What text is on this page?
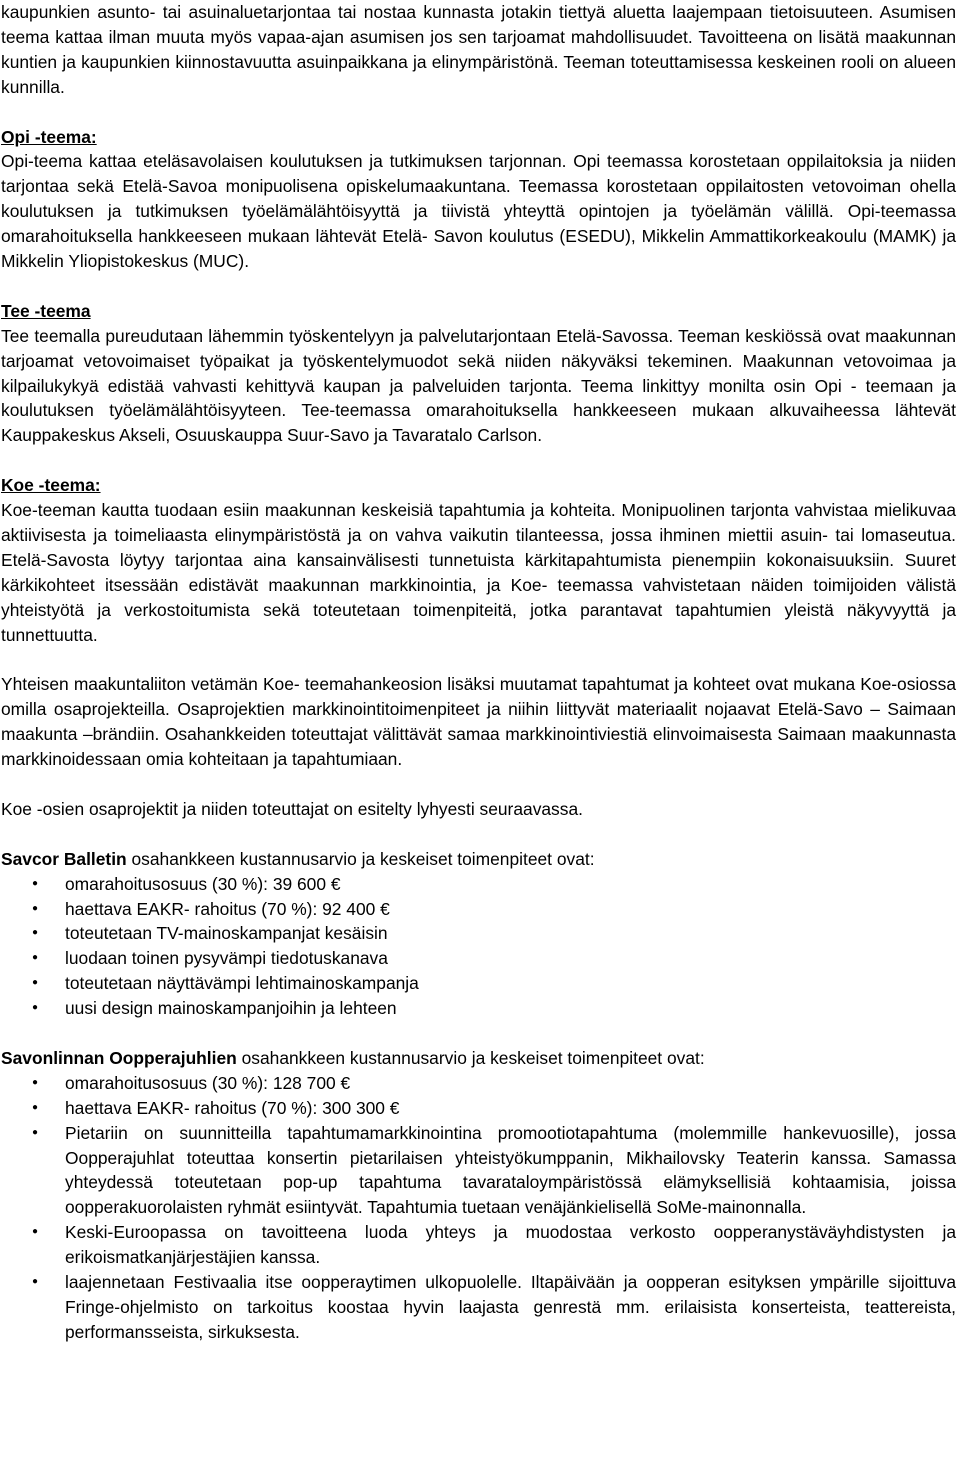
kaupunkien asunto- tai asuinaluetarjontaa tai nostaa kunnasta jotakin tiettyä aluetta laajempaan tietoisuuteen. Asumisen teema kattaa ilman muuta myös vapaa-ajan asumisen jos sen tarjoamat mahdollisuudet. Tavoitteena on lisätä maakunnan kuntien ja kaupunkien kiinnostavuutta asuinpaikkana ja elinympäristönä. Teeman toteuttamisessa keskeinen rooli on alueen kunnilla.

Opi -teema:

Opi-teema kattaa eteläsavolaisen koulutuksen ja tutkimuksen tarjonnan. Opi teemassa korostetaan oppilaitoksia ja niiden tarjontaa sekä Etelä-Savoa monipuolisena opiskelumaakuntana. Teemassa korostetaan oppilaitosten vetovoiman ohella koulutuksen ja tutkimuksen työelämälähtöisyyttä ja tiivistä yhteyttä opintojen ja työelämän välillä. Opi-teemassa omarahoituksella hankkeeseen mukaan lähtevät Etelä- Savon koulutus (ESEDU), Mikkelin Ammattikorkeakoulu (MAMK) ja Mikkelin Yliopistokeskus (MUC).

Tee -teema

Tee teemalla pureudutaan lähemmin työskentelyyn ja palvelutarjontaan Etelä-Savossa. Teeman keskiössä ovat maakunnan tarjoamat vetovoimaiset työpaikat ja työskentelymuodot sekä niiden näkyväksi tekeminen. Maakunnan vetovoimaa ja kilpailukykyä edistää vahvasti kehittyvä kaupan ja palveluiden tarjonta. Teema linkittyy monilta osin Opi - teemaan ja koulutuksen työelämälähtöisyyteen. Tee-teemassa omarahoituksella hankkeeseen mukaan alkuvaiheessa lähtevät Kauppakeskus Akseli, Osuuskauppa Suur-Savo ja Tavaratalo Carlson.

Koe -teema:

Koe-teeman kautta tuodaan esiin maakunnan keskeisiä tapahtumia ja kohteita. Monipuolinen tarjonta vahvistaa mielikuvaa aktiivisesta ja toimeliaasta elinympäristöstä ja on vahva vaikutin tilanteessa, jossa ihminen miettii asuin- tai lomaseutua. Etelä-Savosta löytyy tarjontaa aina kansainvälisesti tunnetuista kärkitapahtumista pienempiin kokonaisuuksiin. Suuret kärkikohteet itsessään edistävät maakunnan markkinointia, ja Koe- teemassa vahvistetaan näiden toimijoiden välistä yhteistyötä ja verkostoitumista sekä toteutetaan toimenpiteitä, jotka parantavat tapahtumien yleistä näkyvyyttä ja tunnettuutta.

Yhteisen maakuntaliiton vetämän Koe- teemahankeosion lisäksi muutamat tapahtumat ja kohteet ovat mukana Koe-osiossa omilla osaprojekteilla. Osaprojektien markkinointitoimenpiteet ja niihin liittyvät materiaalit nojaavat Etelä-Savo – Saimaan maakunta –brändiin. Osahankkeiden toteuttajat välittävät samaa markkinointiviestiä elinvoimaisesta Saimaan maakunnasta markkinoidessaan omia kohteitaan ja tapahtumiaan.

Koe -osien osaprojektit ja niiden toteuttajat on esitelty lyhyesti seuraavassa.

Savcor Balletin osahankkeen kustannusarvio ja keskeiset toimenpiteet ovat:

● omarahoitusosuus (30 %): 39 600 €
● haettava EAKR- rahoitus (70 %): 92 400 €
● toteutetaan TV-mainoskampanjat kesäisin
● luodaan toinen pysyvämpi tiedotuskanava
● toteutetaan näyttävämpi lehtimainoskampanja
● uusi design mainoskampanjoihin ja lehteen

Savonlinnan Oopperajuhlien osahankkeen kustannusarvio ja keskeiset toimenpiteet ovat:

● omarahoitusosuus (30 %): 128 700 €
● haettava EAKR- rahoitus (70 %): 300 300 €
● Pietariin on suunnitteilla tapahtumamarkkinointina promootiotapahtuma (molemmille hankevuosille), jossa Oopperajuhlat toteuttaa konsertin pietarilaisen yhteistyökumppanin, Mikhailovsky Teaterin kanssa. Samassa yhteydessä toteutetaan pop-up tapahtuma tavarataloympäristössä elämyksellisiä kohtaamisia, joissa oopperakuorolaisten ryhmät esiintyvät. Tapahtumia tuetaan venäjänkielisellä SoMe-mainonnalla.
● Keski-Euroopassa on tavoitteena luoda yhteys ja muodostaa verkosto oopperanystäväyhdistysten ja erikoismatkanjärjestäjien kanssa.
● laajennetaan Festivaalia itse oopperaytimen ulkopuolelle. Iltapäivään ja oopperan esityksen ympärille sijoittuva Fringe-ohjelmisto on tarkoitus koostaa hyvin laajasta genrestä mm. erilaisista konserteista, teattereista, performansseista, sirkuksesta.
